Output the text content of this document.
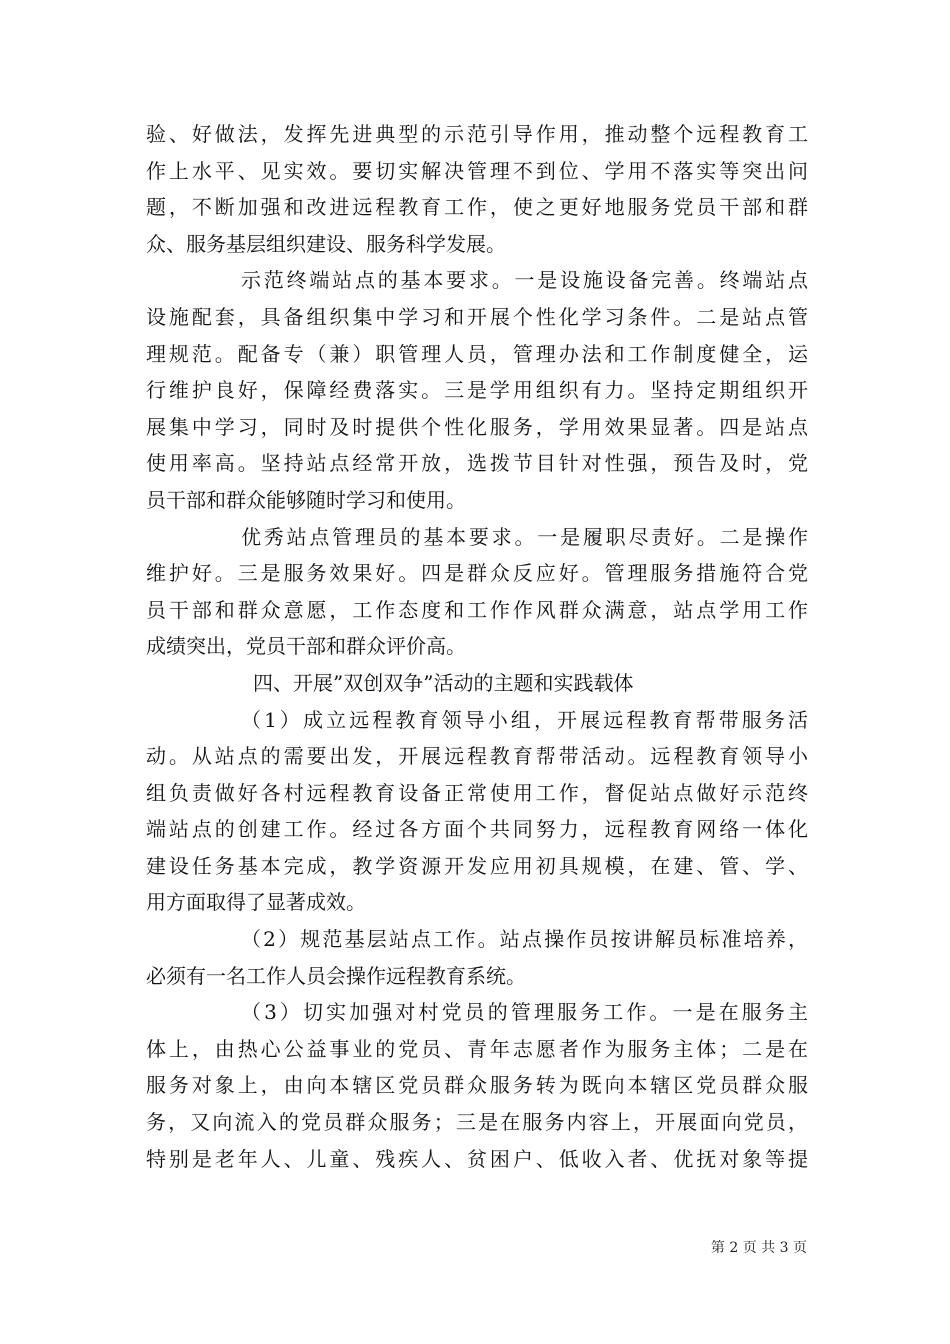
验、好做法，发挥先进典型的示范引导作用，推动整个远程教育工
作上水平、见实效。要切实解决管理不到位、学用不落实等突出问
题，不断加强和改进远程教育工作，使之更好地服务党员干部和群
众、服务基层组织建设、服务科学发展。
示范终端站点的基本要求。一是设施设备完善。终端站点
设施配套，具备组织集中学习和开展个性化学习条件。二是站点管
理规范。配备专（兼）职管理人员，管理办法和工作制度健全，运
行维护良好，保障经费落实。三是学用组织有力。坚持定期组织开
展集中学习，同时及时提供个性化服务，学用效果显著。四是站点
使用率高。坚持站点经常开放，选拨节目针对性强，预告及时，党
员干部和群众能够随时学习和使用。
优秀站点管理员的基本要求。一是履职尽责好。二是操作
维护好。三是服务效果好。四是群众反应好。管理服务措施符合党
员干部和群众意愿，工作态度和工作作风群众满意，站点学用工作
成绩突出，党员干部和群众评价高。
四、开展”双创双争”活动的主题和实践载体
（1）成立远程教育领导小组，开展远程教育帮带服务活
动。从站点的需要出发，开展远程教育帮带活动。远程教育领导小
组负责做好各村远程教育设备正常使用工作，督促站点做好示范终
端站点的创建工作。经过各方面个共同努力，远程教育网络一体化
建设任务基本完成，教学资源开发应用初具规模，在建、管、学、
用方面取得了显著成效。
（2）规范基层站点工作。站点操作员按讲解员标准培养，
必须有一名工作人员会操作远程教育系统。
（3）切实加强对村党员的管理服务工作。一是在服务主
体上，由热心公益事业的党员、青年志愿者作为服务主体；二是在
服务对象上，由向本辖区党员群众服务转为既向本辖区党员群众服
务，又向流入的党员群众服务；三是在服务内容上，开展面向党员，
特别是老年人、儿童、残疾人、贫困户、低收入者、优抚对象等提
第 2 页 共 3 页
